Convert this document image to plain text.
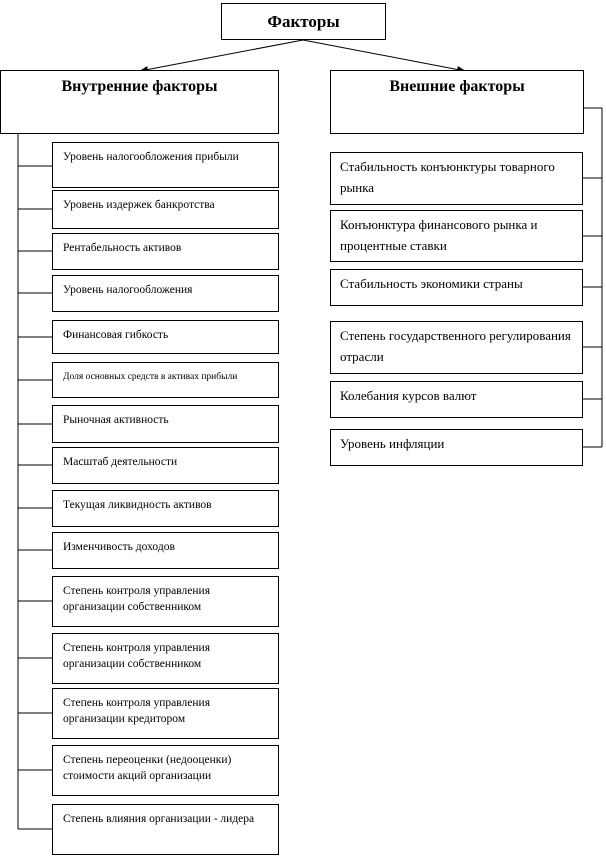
Факторы
Внутренние факторы	Внешние факторы
Уровень налогообложения прибыли
Уровень издержек банкротства
Рентабельность активов
Уровень налогообложения
Финансовая гибкость
Доля основных средств в активах прибыли
Рыночная активность
Масштаб деятельности
Текущая ликвидность активов
Изменчивость доходов
Степень контроля управления организации собственником
Степень контроля управления организации собственником
Степень контроля управления организации кредитором
Степень переоценки (недооценки) стоимости акций организации
Степень влияния организации - лидера
Стабильность конъюнктуры товарного рынка
Конъюнктура финансового рынка и процентные ставки
Стабильность экономики страны
Степень государственного регулирования отрасли
Колебания курсов валют
Уровень инфляции
